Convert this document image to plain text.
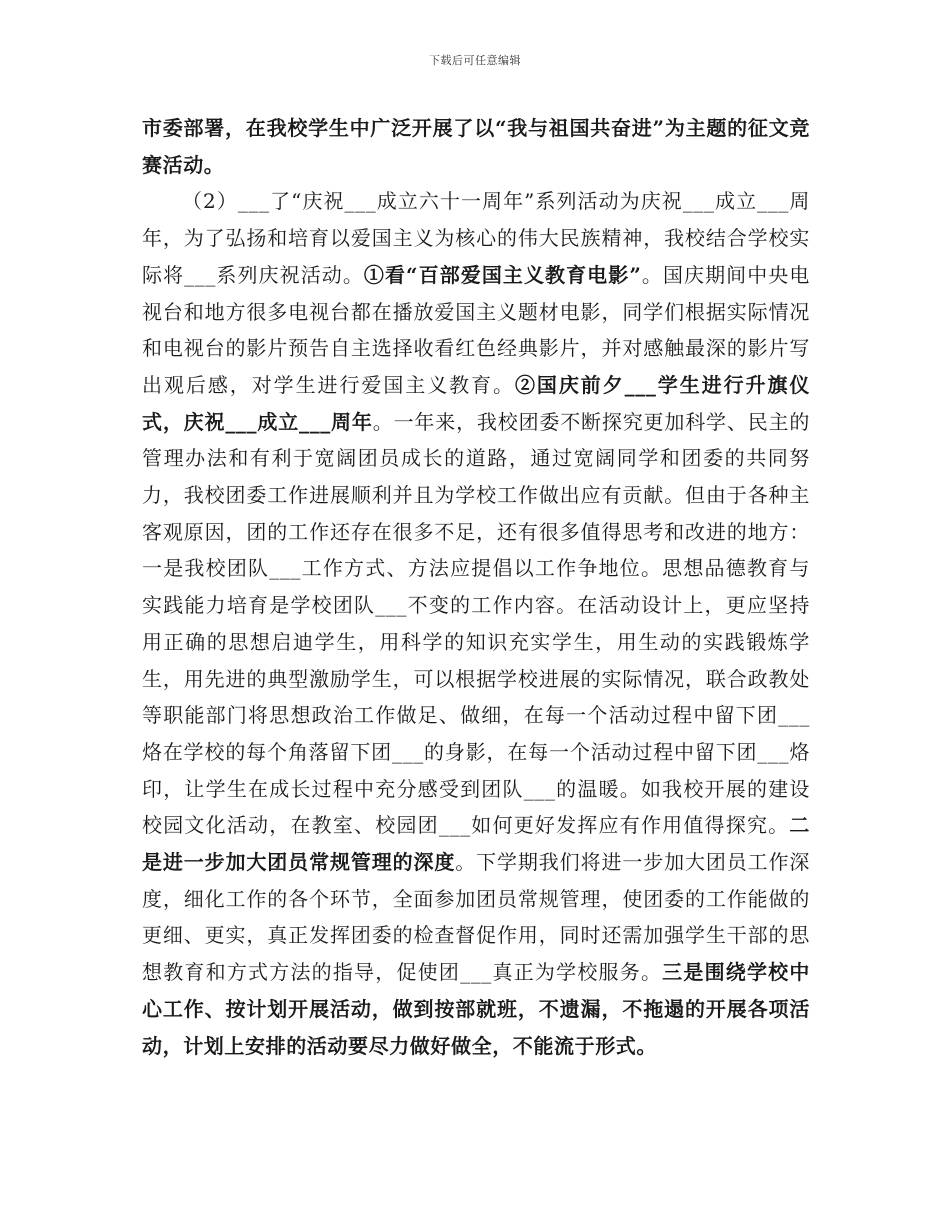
下载后可任意编辑

市委部署，在我校学生中广泛开展了以“我与祖国共奋进”为主题的征文竞赛活动。

（2）___了“庆祝___成立六十一周年”系列活动为庆祝___成立___周年，为了弘扬和培育以爱国主义为核心的伟大民族精神，我校结合学校实际将___系列庆祝活动。①看“百部爱国主义教育电影”。国庆期间中央电视台和地方很多电视台都在播放爱国主义题材电影，同学们根据实际情况和电视台的影片预告自主选择收看红色经典影片，并对感触最深的影片写出观后感，对学生进行爱国主义教育。②国庆前夕___学生进行升旗仪式，庆祝___成立___周年。一年来，我校团委不断探究更加科学、民主的管理办法和有利于宽阔团员成长的道路，通过宽阔同学和团委的共同努力，我校团委工作进展顺利并且为学校工作做出应有贡献。但由于各种主客观原因，团的工作还存在很多不足，还有很多值得思考和改进的地方：一是我校团队___工作方式、方法应提倡以工作争地位。思想品德教育与实践能力培育是学校团队___不变的工作内容。在活动设计上，更应坚持用正确的思想启迪学生，用科学的知识充实学生，用生动的实践锻炼学生，用先进的典型激励学生，可以根据学校进展的实际情况，联合政教处等职能部门将思想政治工作做足、做细，在每一个活动过程中留下团___烙在学校的每个角落留下团___的身影，在每一个活动过程中留下团___烙印，让学生在成长过程中充分感受到团队___的温暖。如我校开展的建设校园文化活动，在教室、校园团___如何更好发挥应有作用值得探究。二是进一步加大团员常规管理的深度。下学期我们将进一步加大团员工作深度，细化工作的各个环节，全面参加团员常规管理，使团委的工作能做的更细、更实，真正发挥团委的检查督促作用，同时还需加强学生干部的思想教育和方式方法的指导，促使团___真正为学校服务。三是围绕学校中心工作、按计划开展活动，做到按部就班，不遗漏，不拖遢的开展各项活动，计划上安排的活动要尽力做好做全，不能流于形式。
